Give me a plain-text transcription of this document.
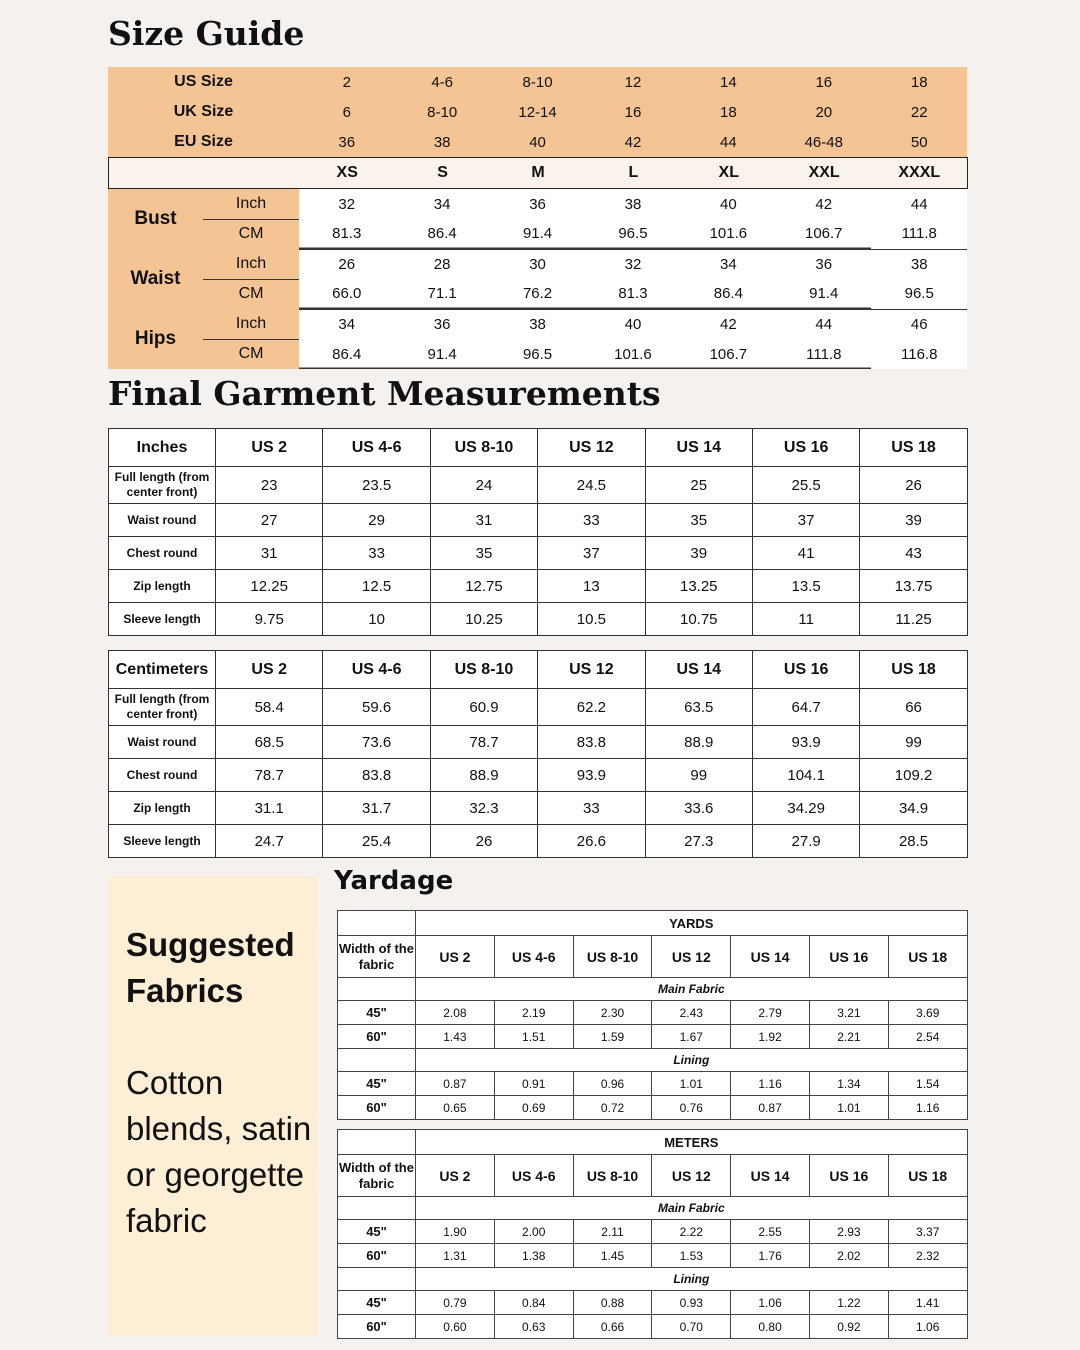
Size Guide
US Size	2	4-6	8-10	12	14	16	18
UK Size	6	8-10	12-14	16	18	20	22
EU Size	36	38	40	42	44	46-48	50
	XS	S	M	L	XL	XXL	XXXL
Bust	Inch	32	34	36	38	40	42	44
	CM	81.3	86.4	91.4	96.5	101.6	106.7	111.8
Waist	Inch	26	28	30	32	34	36	38
	CM	66.0	71.1	76.2	81.3	86.4	91.4	96.5
Hips	Inch	34	36	38	40	42	44	46
	CM	86.4	91.4	96.5	101.6	106.7	111.8	116.8
Final Garment Measurements
Inches	US 2	US 4-6	US 8-10	US 12	US 14	US 16	US 18
Full length (from center front)	23	23.5	24	24.5	25	25.5	26
Waist round	27	29	31	33	35	37	39
Chest round	31	33	35	37	39	41	43
Zip length	12.25	12.5	12.75	13	13.25	13.5	13.75
Sleeve length	9.75	10	10.25	10.5	10.75	11	11.25
Centimeters	US 2	US 4-6	US 8-10	US 12	US 14	US 16	US 18
Full length (from center front)	58.4	59.6	60.9	62.2	63.5	64.7	66
Waist round	68.5	73.6	78.7	83.8	88.9	93.9	99
Chest round	78.7	83.8	88.9	93.9	99	104.1	109.2
Zip length	31.1	31.7	32.3	33	33.6	34.29	34.9
Sleeve length	24.7	25.4	26	26.6	27.3	27.9	28.5
Suggested Fabrics
Cotton blends, satin or georgette fabric
Yardage
	YARDS						
Width of the fabric	US 2	US 4-6	US 8-10	US 12	US 14	US 16	US 18
	Main Fabric						
45"	2.08	2.19	2.30	2.43	2.79	3.21	3.69
60"	1.43	1.51	1.59	1.67	1.92	2.21	2.54
	Lining						
45"	0.87	0.91	0.96	1.01	1.16	1.34	1.54
60"	0.65	0.69	0.72	0.76	0.87	1.01	1.16
	METERS						
Width of the fabric	US 2	US 4-6	US 8-10	US 12	US 14	US 16	US 18
	Main Fabric						
45"	1.90	2.00	2.11	2.22	2.55	2.93	3.37
60"	1.31	1.38	1.45	1.53	1.76	2.02	2.32
	Lining						
45"	0.79	0.84	0.88	0.93	1.06	1.22	1.41
60"	0.60	0.63	0.66	0.70	0.80	0.92	1.06
